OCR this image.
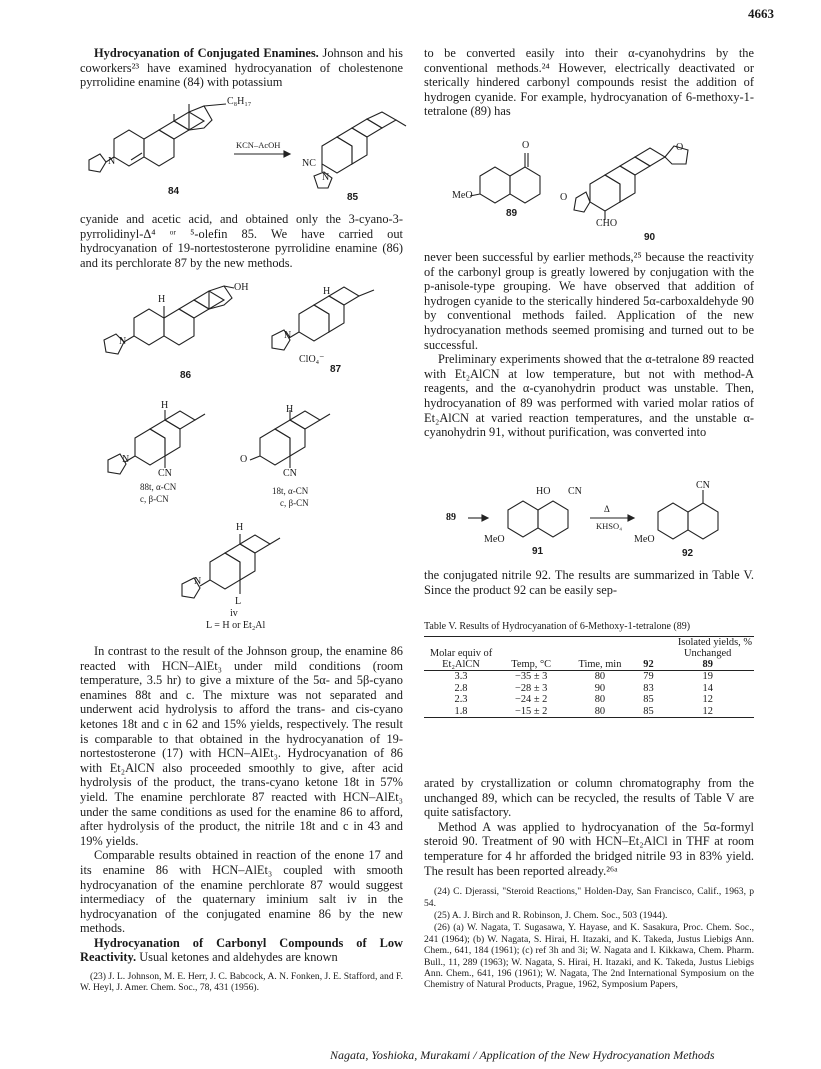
4663

Hydrocyanation of Conjugated Enamines. Johnson and his coworkers²³ have examined hydrocyanation of cholestenone pyrrolidine enamine (84) with potassium

C₈H₁₇
N
KCN–AcOH
NC
N
84
85

cyanide and acetic acid, and obtained only the 3-cyano-3-pyrrolidinyl-Δ⁴ ᵒʳ ⁵-olefin 85. We have carried out hydrocyanation of 19-nortestosterone pyrrolidine enamine (86) and its perchlorate 87 by the new methods.

OH
H
N
H
N
ClO₄⁻
86
87
H
N
CN
H
O
CN
88t, α-CN
c, β-CN
18t, α-CN
c, β-CN
H
N
L
iv
L = H or Et₂Al

In contrast to the result of the Johnson group, the enamine 86 reacted with HCN–AlEt₃ under mild conditions (room temperature, 3.5 hr) to give a mixture of the 5α- and 5β-cyano enamines 88t and c. The mixture was not separated and underwent acid hydrolysis to afford the trans- and cis-cyano ketones 18t and c in 62 and 15% yields, respectively. The result is comparable to that obtained in the hydrocyanation of 19-nortestosterone (17) with HCN–AlEt₃. Hydrocyanation of 86 with Et₂AlCN also proceeded smoothly to give, after acid hydrolysis of the product, the trans-cyano ketone 18t in 57% yield. The enamine perchlorate 87 reacted with HCN–AlEt₃ under the same conditions as used for the enamine 86 to afford, after hydrolysis of the product, the nitrile 18t and c in 43 and 19% yields.

Comparable results obtained in reaction of the enone 17 and its enamine 86 with HCN–AlEt₃ coupled with smooth hydrocyanation of the enamine perchlorate 87 would suggest intermediacy of the quaternary iminium salt iv in the hydrocyanation of the conjugated enamine 86 by the new methods.

Hydrocyanation of Carbonyl Compounds of Low Reactivity. Usual ketones and aldehydes are known

(23) J. L. Johnson, M. E. Herr, J. C. Babcock, A. N. Fonken, J. E. Stafford, and F. W. Heyl, J. Amer. Chem. Soc., 78, 431 (1956).

to be converted easily into their α-cyanohydrins by the conventional methods.²⁴ However, electrically deactivated or sterically hindered carbonyl compounds resist the addition of hydrogen cyanide. For example, hydrocyanation of 6-methoxy-1-tetralone (89) has

O
MeO
O
O
CHO
89
90

never been successful by earlier methods,²⁵ because the reactivity of the carbonyl group is greatly lowered by conjugation with the p-anisole-type grouping. We have observed that addition of hydrogen cyanide to the sterically hindered 5α-carboxaldehyde 90 by conventional methods failed. Application of the new hydrocyanation methods seemed promising and turned out to be successful.

Preliminary experiments showed that the α-tetralone 89 reacted with Et₂AlCN at low temperature, but not with method-A reagents, and the α-cyanohydrin product was unstable. Then, hydrocyanation of 89 was performed with varied molar ratios of Et₂AlCN at varied reaction temperatures, and the unstable α-cyanohydrin 91, without purification, was converted into

89
HO CN
MeO
Δ
KHSO₄
MeO
CN
91	92

the conjugated nitrile 92. The results are summarized in Table V. Since the product 92 can be easily sep-

Table V. Results of Hydrocyanation of 6-Methoxy-1-tetralone (89)
Molar equiv of Et₂AlCN	Temp, °C	Time, min	Isolated yields, %	
			92	Unchanged
89
3.3	−35 ± 3	80	79	19
2.8	−28 ± 3	90	83	14
2.3	−24 ± 2	80	85	12
1.8	−15 ± 2	80	85	12

arated by crystallization or column chromatography from the unchanged 89, which can be recycled, the results of Table V are quite satisfactory.

Method A was applied to hydrocyanation of the 5α-formyl steroid 90. Treatment of 90 with HCN–Et₂AlCl in THF at room temperature for 4 hr afforded the bridged nitrile 93 in 83% yield. The result has been reported already.²⁶ᵃ

(24) C. Djerassi, "Steroid Reactions," Holden-Day, San Francisco, Calif., 1963, p 54.

(25) A. J. Birch and R. Robinson, J. Chem. Soc., 503 (1944).

(26) (a) W. Nagata, T. Sugasawa, Y. Hayase, and K. Sasakura, Proc. Chem. Soc., 241 (1964); (b) W. Nagata, S. Hirai, H. Itazaki, and K. Takeda, Justus Liebigs Ann. Chem., 641, 184 (1961); (c) ref 3h and 3i; W. Nagata and I. Kikkawa, Chem. Pharm. Bull., 11, 289 (1963); W. Nagata, S. Hirai, H. Itazaki, and K. Takeda, Justus Liebigs Ann. Chem., 641, 196 (1961); W. Nagata, The 2nd International Symposium on the Chemistry of Natural Products, Prague, 1962, Symposium Papers,

Nagata, Yoshioka, Murakami / Application of the New Hydrocyanation Methods
